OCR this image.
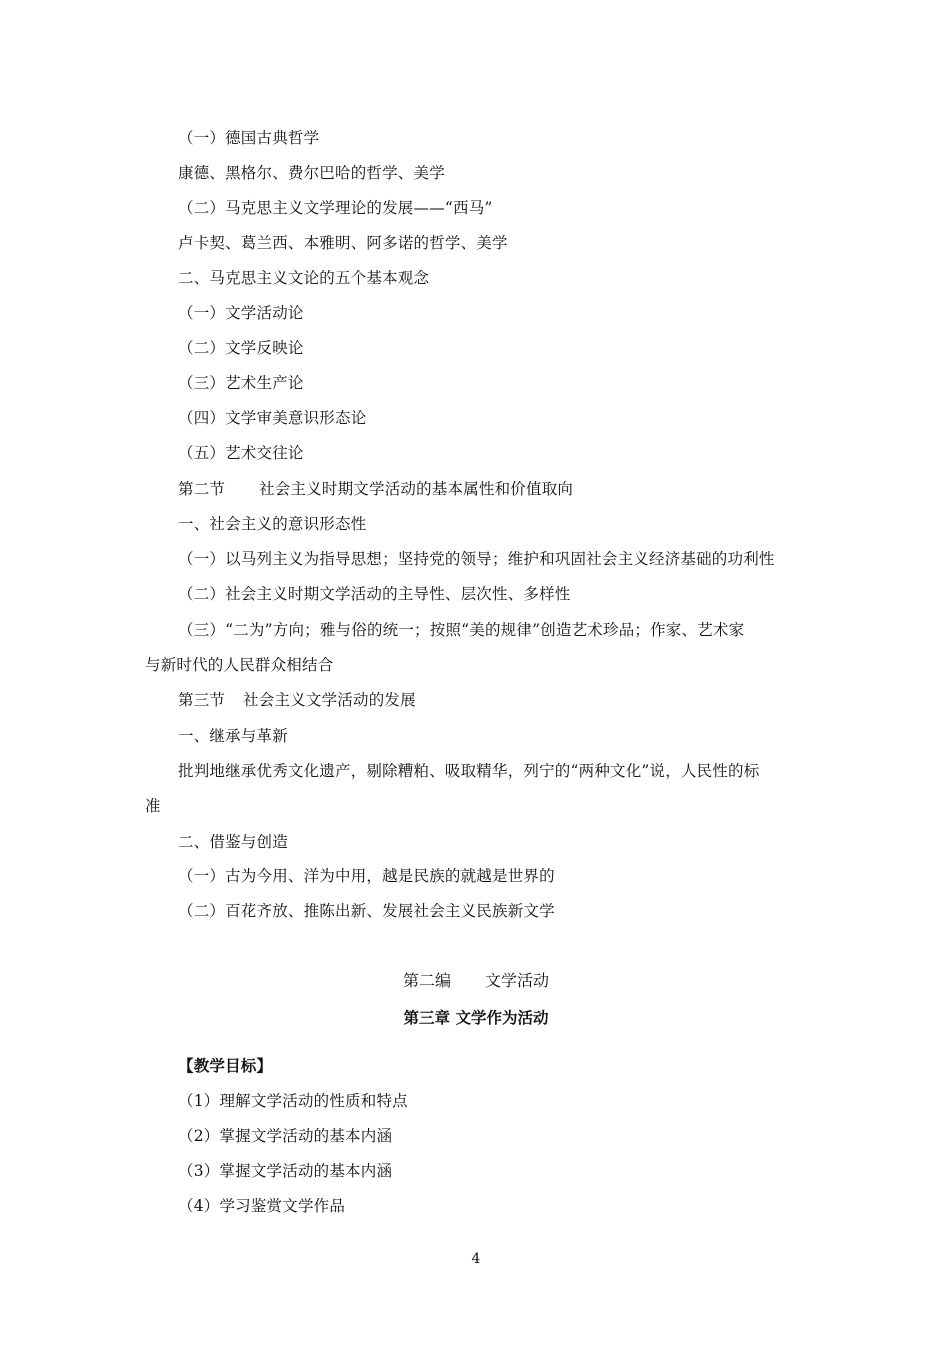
（一）德国古典哲学
康德、黑格尔、费尔巴哈的哲学、美学
（二）马克思主义文学理论的发展——“西马”
卢卡契、葛兰西、本雅明、阿多诺的哲学、美学
二、马克思主义文论的五个基本观念
（一）文学活动论
（二）文学反映论
（三）艺术生产论
（四）文学审美意识形态论
（五）艺术交往论
第二节 社会主义时期文学活动的基本属性和价值取向
一、社会主义的意识形态性
（一）以马列主义为指导思想；坚持党的领导；维护和巩固社会主义经济基础的功利性
（二）社会主义时期文学活动的主导性、层次性、多样性
（三）“二为”方向；雅与俗的统一；按照“美的规律”创造艺术珍品；作家、艺术家
与新时代的人民群众相结合
第三节 社会主义文学活动的发展
一、继承与革新
批判地继承优秀文化遗产，剔除糟粕、吸取精华，列宁的“两种文化”说，人民性的标
准
二、借鉴与创造
（一）古为今用、洋为中用，越是民族的就越是世界的
（二）百花齐放、推陈出新、发展社会主义民族新文学
第二编 文学活动
第三章 文学作为活动
【教学目标】
（1）理解文学活动的性质和特点
（2）掌握文学活动的基本内涵
（3）掌握文学活动的基本内涵
（4）学习鉴赏文学作品
4
